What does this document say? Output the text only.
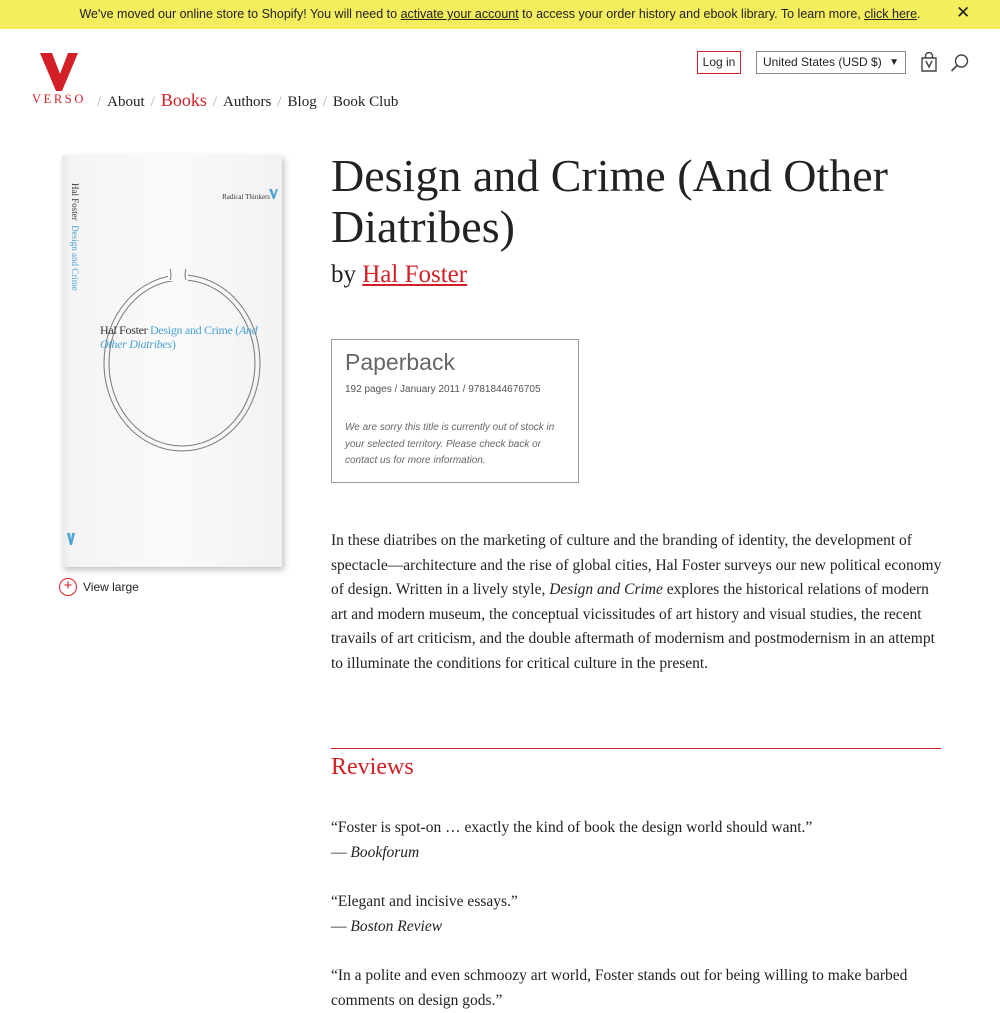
We've moved our online store to Shopify! You will need to activate your account to access your order history and ebook library. To learn more, click here.	✕
VERSO / About / Books / Authors / Blog / Book Club
Log in	United States (USD $) ▼
Hal Foster  Design and Crime
Radical Thinkers
Hal Foster Design and Crime (And Other Diatribes)
+ View large
Design and Crime (And Other Diatribes)
by Hal Foster
Paperback
192 pages / January 2011 / 9781844676705
We are sorry this title is currently out of stock in your selected territory. Please check back or contact us for more information.

In these diatribes on the marketing of culture and the branding of identity, the development of spectacle—architecture and the rise of global cities, Hal Foster surveys our new political economy of design. Written in a lively style, Design and Crime explores the historical relations of modern art and modern museum, the conceptual vicissitudes of art history and visual studies, the recent travails of art criticism, and the double aftermath of modernism and postmodernism in an attempt to illuminate the conditions for critical culture in the present.

Reviews
“Foster is spot-on … exactly the kind of book the design world should want.”
— Bookforum
“Elegant and incisive essays.”
— Boston Review
“In a polite and even schmoozy art world, Foster stands out for being willing to make barbed comments on design gods.”
